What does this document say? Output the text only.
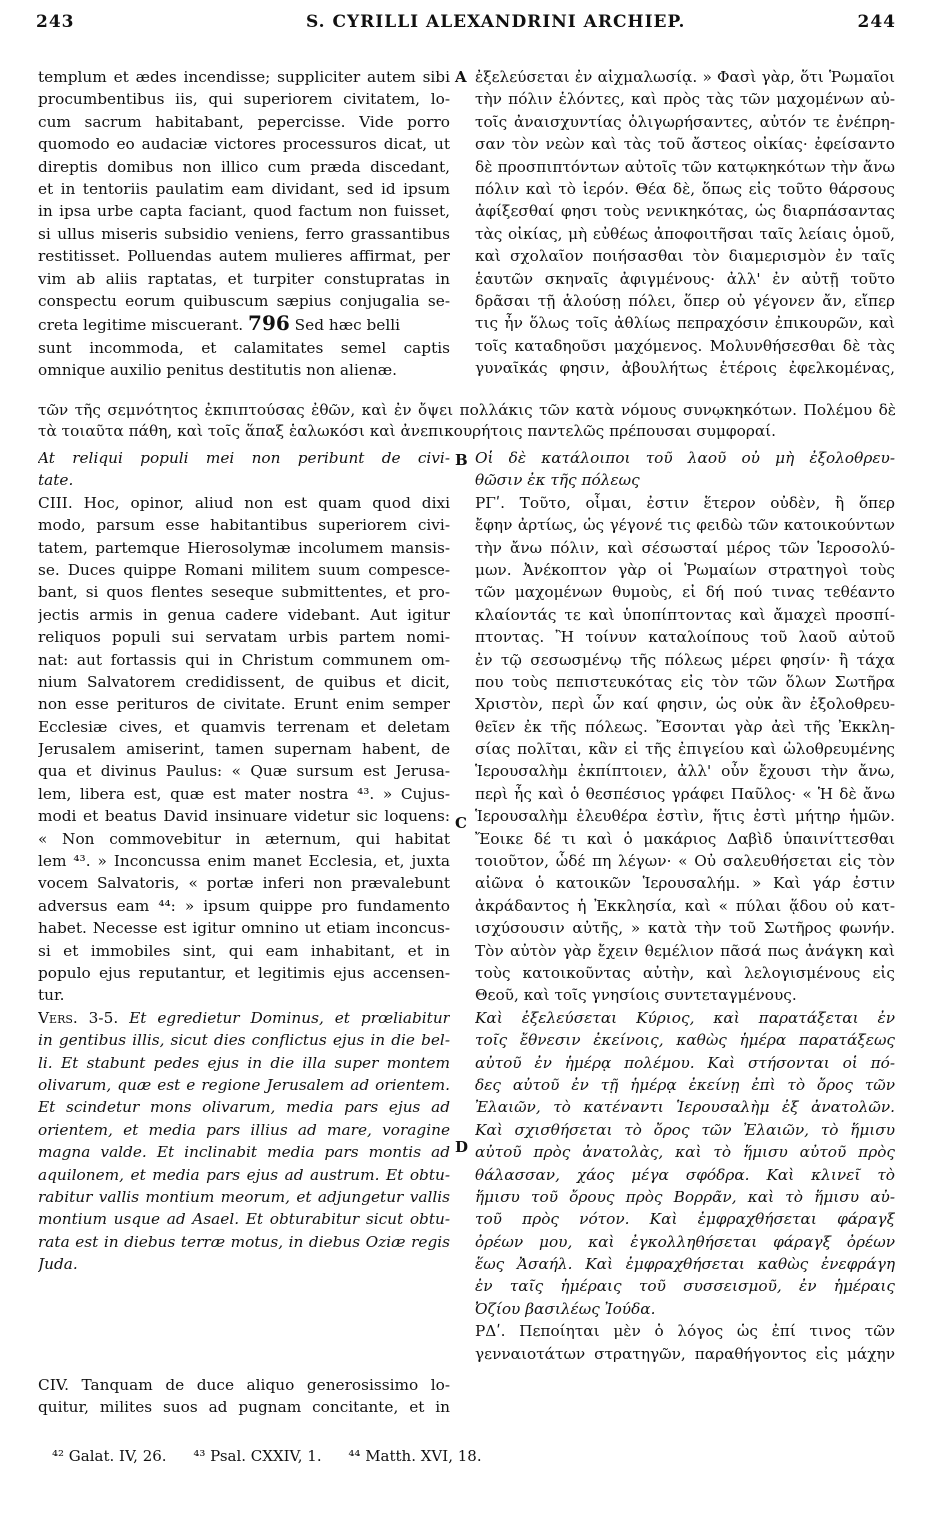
243	S. CYRILLI ALEXANDRINI ARCHIEP.	244
A
B
C
D
templum et ædes incendisse; suppliciter autem sibi
procumbentibus iis, qui superiorem civitatem, lo-
cum sacrum habitabant, pepercisse. Vide porro
quomodo eo audaciæ victores processuros dicat, ut
direptis domibus non illico cum præda discedant,
et in tentoriis paulatim eam dividant, sed id ipsum
in ipsa urbe capta faciant, quod factum non fuisset,
si ullus miseris subsidio veniens, ferro grassantibus
restitisset. Polluendas autem mulieres affirmat, per
vim ab aliis raptatas, et turpiter constupratas in
conspectu eorum quibuscum sæpius conjugalia se-
creta legitime miscuerant. 796 Sed hæc belli
sunt incommoda, et calamitates semel captis
omnique auxilio penitus destitutis non alienæ.
ἐξελεύσεται ἐν αἰχμαλωσίᾳ. » Φασὶ γὰρ, ὅτι Ῥωμαῖοι
τὴν πόλιν ἑλόντες, καὶ πρὸς τὰς τῶν μαχομένων αὐ-
τοῖς ἀναισχυντίας ὀλιγωρήσαντες, αὐτόν τε ἐνέπρη-
σαν τὸν νεὼν καὶ τὰς τοῦ ἄστεος οἰκίας· ἐφείσαντο
δὲ προσπιπτόντων αὐτοῖς τῶν κατῳκηκότων τὴν ἄνω
πόλιν καὶ τὸ ἱερόν. Θέα δὲ, ὅπως εἰς τοῦτο θάρσους
ἀφίξεσθαί φησι τοὺς νενικηκότας, ὡς διαρπάσαντας
τὰς οἰκίας, μὴ εὐθέως ἀποφοιτῆσαι ταῖς λείαις ὁμοῦ,
καὶ σχολαῖον ποιήσασθαι τὸν διαμερισμὸν ἐν ταῖς
ἑαυτῶν σκηναῖς ἀφιγμένους· ἀλλ' ἐν αὐτῇ τοῦτο
δρᾶσαι τῇ ἁλούσῃ πόλει, ὅπερ οὐ γέγονεν ἄν, εἴπερ
τις ἦν ὅλως τοῖς ἀθλίως πεπραχόσιν ἐπικουρῶν, καὶ
τοῖς καταδηοῦσι μαχόμενος. Μολυνθήσεσθαι δὲ τὰς
γυναῖκάς φησιν, ἀβουλήτως ἑτέροις ἐφελκομένας,
τῶν τῆς σεμνότητος ἐκπιπτούσας ἐθῶν, καὶ ἐν ὄψει πολλάκις τῶν κατὰ νόμους συνῳκηκότων. Πολέμου δὲ
τὰ τοιαῦτα πάθη, καὶ τοῖς ἅπαξ ἑαλωκόσι καὶ ἀνεπικουρήτοις παντελῶς πρέπουσαι συμφοραί.
At reliqui populi mei non peribunt de civi-
tate.
CIII. Hoc, opinor, aliud non est quam quod dixi
modo, parsum esse habitantibus superiorem civi-
tatem, partemque Hierosolymæ incolumem mansis-
se. Duces quippe Romani militem suum compesce-
bant, si quos flentes seseque submittentes, et pro-
jectis armis in genua cadere videbant. Aut igitur
reliquos populi sui servatam urbis partem nomi-
nat: aut fortassis qui in Christum communem om-
nium Salvatorem credidissent, de quibus et dicit,
non esse perituros de civitate. Erunt enim semper
Ecclesiæ cives, et quamvis terrenam et deletam
Jerusalem amiserint, tamen supernam habent, de
qua et divinus Paulus: « Quæ sursum est Jerusa-
lem, libera est, quæ est mater nostra ⁴³. » Cujus-
modi et beatus David insinuare videtur sic loquens:
« Non commovebitur in æternum, qui habitat
lem ⁴³. » Inconcussa enim manet Ecclesia, et, juxta
vocem Salvatoris, « portæ inferi non prævalebunt
adversus eam ⁴⁴: » ipsum quippe pro fundamento
habet. Necesse est igitur omnino ut etiam inconcus-
si et immobiles sint, qui eam inhabitant, et in
populo ejus reputantur, et legitimis ejus accensen-
tur.
Vers. 3-5. Et egredietur Dominus, et prœliabitur
in gentibus illis, sicut dies conflictus ejus in die bel-
li. Et stabunt pedes ejus in die illa super montem
olivarum, quæ est e regione Jerusalem ad orientem.
Et scindetur mons olivarum, media pars ejus ad
orientem, et media pars illius ad mare, voragine
magna valde. Et inclinabit media pars montis ad
aquilonem, et media pars ejus ad austrum. Et obtu-
rabitur vallis montium meorum, et adjungetur vallis
montium usque ad Asael. Et obturabitur sicut obtu-
rata est in diebus terræ motus, in diebus Oziæ regis
Juda.
CIV. Tanquam de duce aliquo generosissimo lo-
quitur, milites suos ad pugnam concitante, et in
Οἱ δὲ κατάλοιποι τοῦ λαοῦ οὐ μὴ ἐξολοθρευ-
θῶσιν ἐκ τῆς πόλεως
ΡΓʹ. Τοῦτο, οἶμαι, ἐστιν ἕτερον οὐδὲν, ἢ ὅπερ
ἔφην ἀρτίως, ὡς γέγονέ τις φειδὼ τῶν κατοικούντων
τὴν ἄνω πόλιν, καὶ σέσωσταί μέρος τῶν Ἱεροσολύ-
μων. Ἀνέκοπτον γὰρ οἱ Ῥωμαίων στρατηγοὶ τοὺς
τῶν μαχομένων θυμοὺς, εἰ δή πού τινας τεθέαντο
κλαίοντάς τε καὶ ὑποπίπτοντας καὶ ἄμαχεὶ προσπί-
πτοντας. Ἢ τοίνυν καταλοίπους τοῦ λαοῦ αὐτοῦ
ἐν τῷ σεσωσμένῳ τῆς πόλεως μέρει φησίν· ἢ τάχα
που τοὺς πεπιστευκότας εἰς τὸν τῶν ὅλων Σωτῆρα
Χριστὸν, περὶ ὧν καί φησιν, ὡς οὐκ ἂν ἐξολοθρευ-
θεῖεν ἐκ τῆς πόλεως. Ἔσονται γὰρ ἀεὶ τῆς Ἐκκλη-
σίας πολῖται, κἂν εἰ τῆς ἐπιγείου καὶ ὠλοθρευμένης
Ἱερουσαλὴμ ἐκπίπτοιεν, ἀλλ' οὖν ἔχουσι τὴν ἄνω,
περὶ ἧς καὶ ὁ θεσπέσιος γράφει Παῦλος· « Ἡ δὲ ἄνω
Ἱερουσαλὴμ ἐλευθέρα ἐστὶν, ἥτις ἐστὶ μήτηρ ἡμῶν.
Ἔοικε δέ τι καὶ ὁ μακάριος Δαβὶδ ὑπαινίττεσθαι
τοιοῦτον, ὧδέ πη λέγων· « Οὐ σαλευθήσεται εἰς τὸν
αἰῶνα ὁ κατοικῶν Ἱερουσαλήμ. » Καὶ γάρ ἐστιν
ἀκράδαντος ἡ Ἐκκλησία, καὶ « πύλαι ᾅδου οὐ κατ-
ισχύσουσιν αὐτῆς, » κατὰ τὴν τοῦ Σωτῆρος φωνήν.
Τὸν αὐτὸν γὰρ ἔχειν θεμέλιον πᾶσά πως ἀνάγκη καὶ
τοὺς κατοικοῦντας αὐτὴν, καὶ λελογισμένους εἰς
Θεοῦ, καὶ τοῖς γνησίοις συντεταγμένους.
Καὶ ἐξελεύσεται Κύριος, καὶ παρατάξεται ἐν
τοῖς ἔθνεσιν ἐκείνοις, καθὼς ἡμέρα παρατάξεως
αὐτοῦ ἐν ἡμέρᾳ πολέμου. Καὶ στήσονται οἱ πό-
δες αὐτοῦ ἐν τῇ ἡμέρᾳ ἐκείνῃ ἐπὶ τὸ ὄρος τῶν
Ἐλαιῶν, τὸ κατέναντι Ἱερουσαλὴμ ἐξ ἀνατολῶν.
Καὶ σχισθήσεται τὸ ὄρος τῶν Ἐλαιῶν, τὸ ἥμισυ
αὐτοῦ πρὸς ἀνατολὰς, καὶ τὸ ἥμισυ αὐτοῦ πρὸς
θάλασσαν, χάος μέγα σφόδρα. Καὶ κλινεῖ τὸ
ἥμισυ τοῦ ὄρους πρὸς Βορρᾶν, καὶ τὸ ἥμισυ αὐ-
τοῦ πρὸς νότον. Καὶ ἐμφραχθήσεται φάραγξ
ὀρέων μου, καὶ ἐγκολληθήσεται φάραγξ ὀρέων
ἕως Ἀσαήλ. Καὶ ἐμφραχθήσεται καθὼς ἐνεφράγη
ἐν ταῖς ἡμέραις τοῦ συσσεισμοῦ, ἐν ἡμέραις
Ὀζίου βασιλέως Ἰούδα.
ΡΔʹ. Πεποίηται μὲν ὁ λόγος ὡς ἐπί τινος τῶν
γενναιοτάτων στρατηγῶν, παραθήγοντος εἰς μάχην
⁴² Galat. IV, 26. ⁴³ Psal. CXXIV, 1. ⁴⁴ Matth. XVI, 18.
